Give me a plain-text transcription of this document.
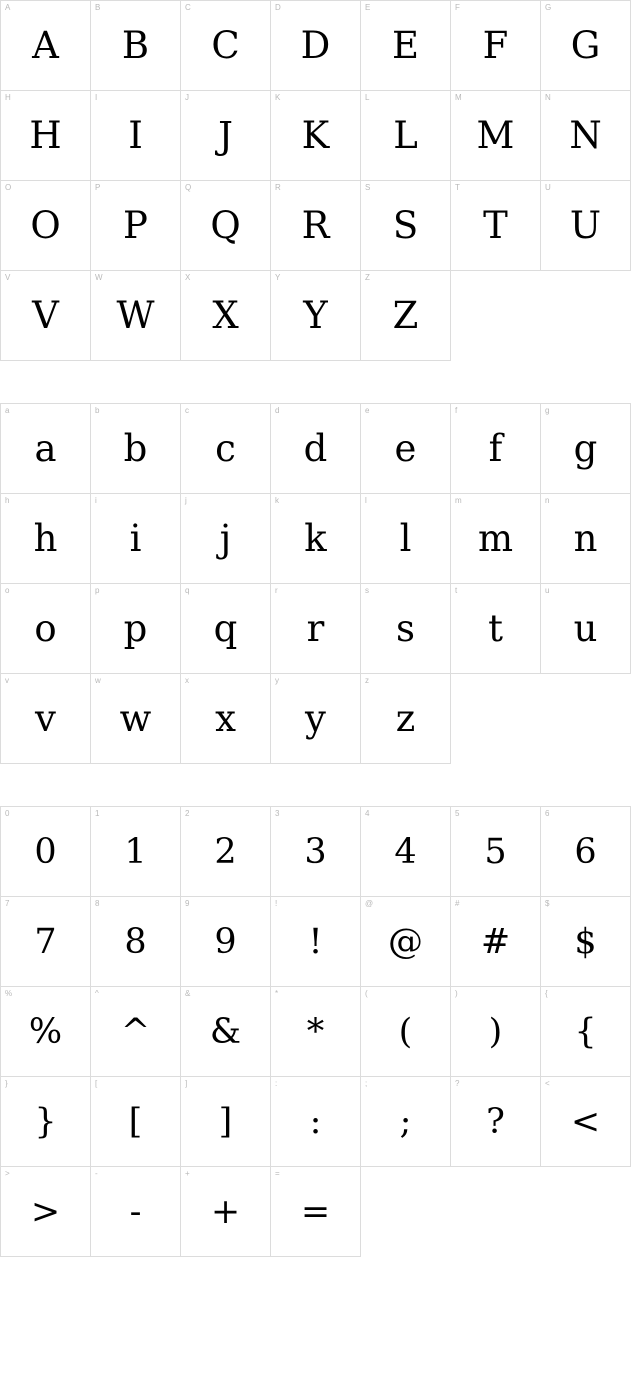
A
A
B
B
C
C
D
D
E
E
F
F
G
G
H
H
I
I
J
J
K
K
L
L
M
M
N
N
O
O
P
P
Q
Q
R
R
S
S
T
T
U
U
V
V
W
W
X
X
Y
Y
Z
Z
a
a
b
b
c
c
d
d
e
e
f
f
g
g
h
h
i
i
j
j
k
k
l
l
m
m
n
n
o
o
p
p
q
q
r
r
s
s
t
t
u
u
v
v
w
w
x
x
y
y
z
z
0
0
1
1
2
2
3
3
4
4
5
5
6
6
7
7
8
8
9
9
!
!
@
@
#
#
$
$
%
%
^
^
&
&
*
*
(
(
)
)
{
{
}
}
[
[
]
]
:
:
;
;
?
?
<
<
>
>
-
-
+
+
=
=
